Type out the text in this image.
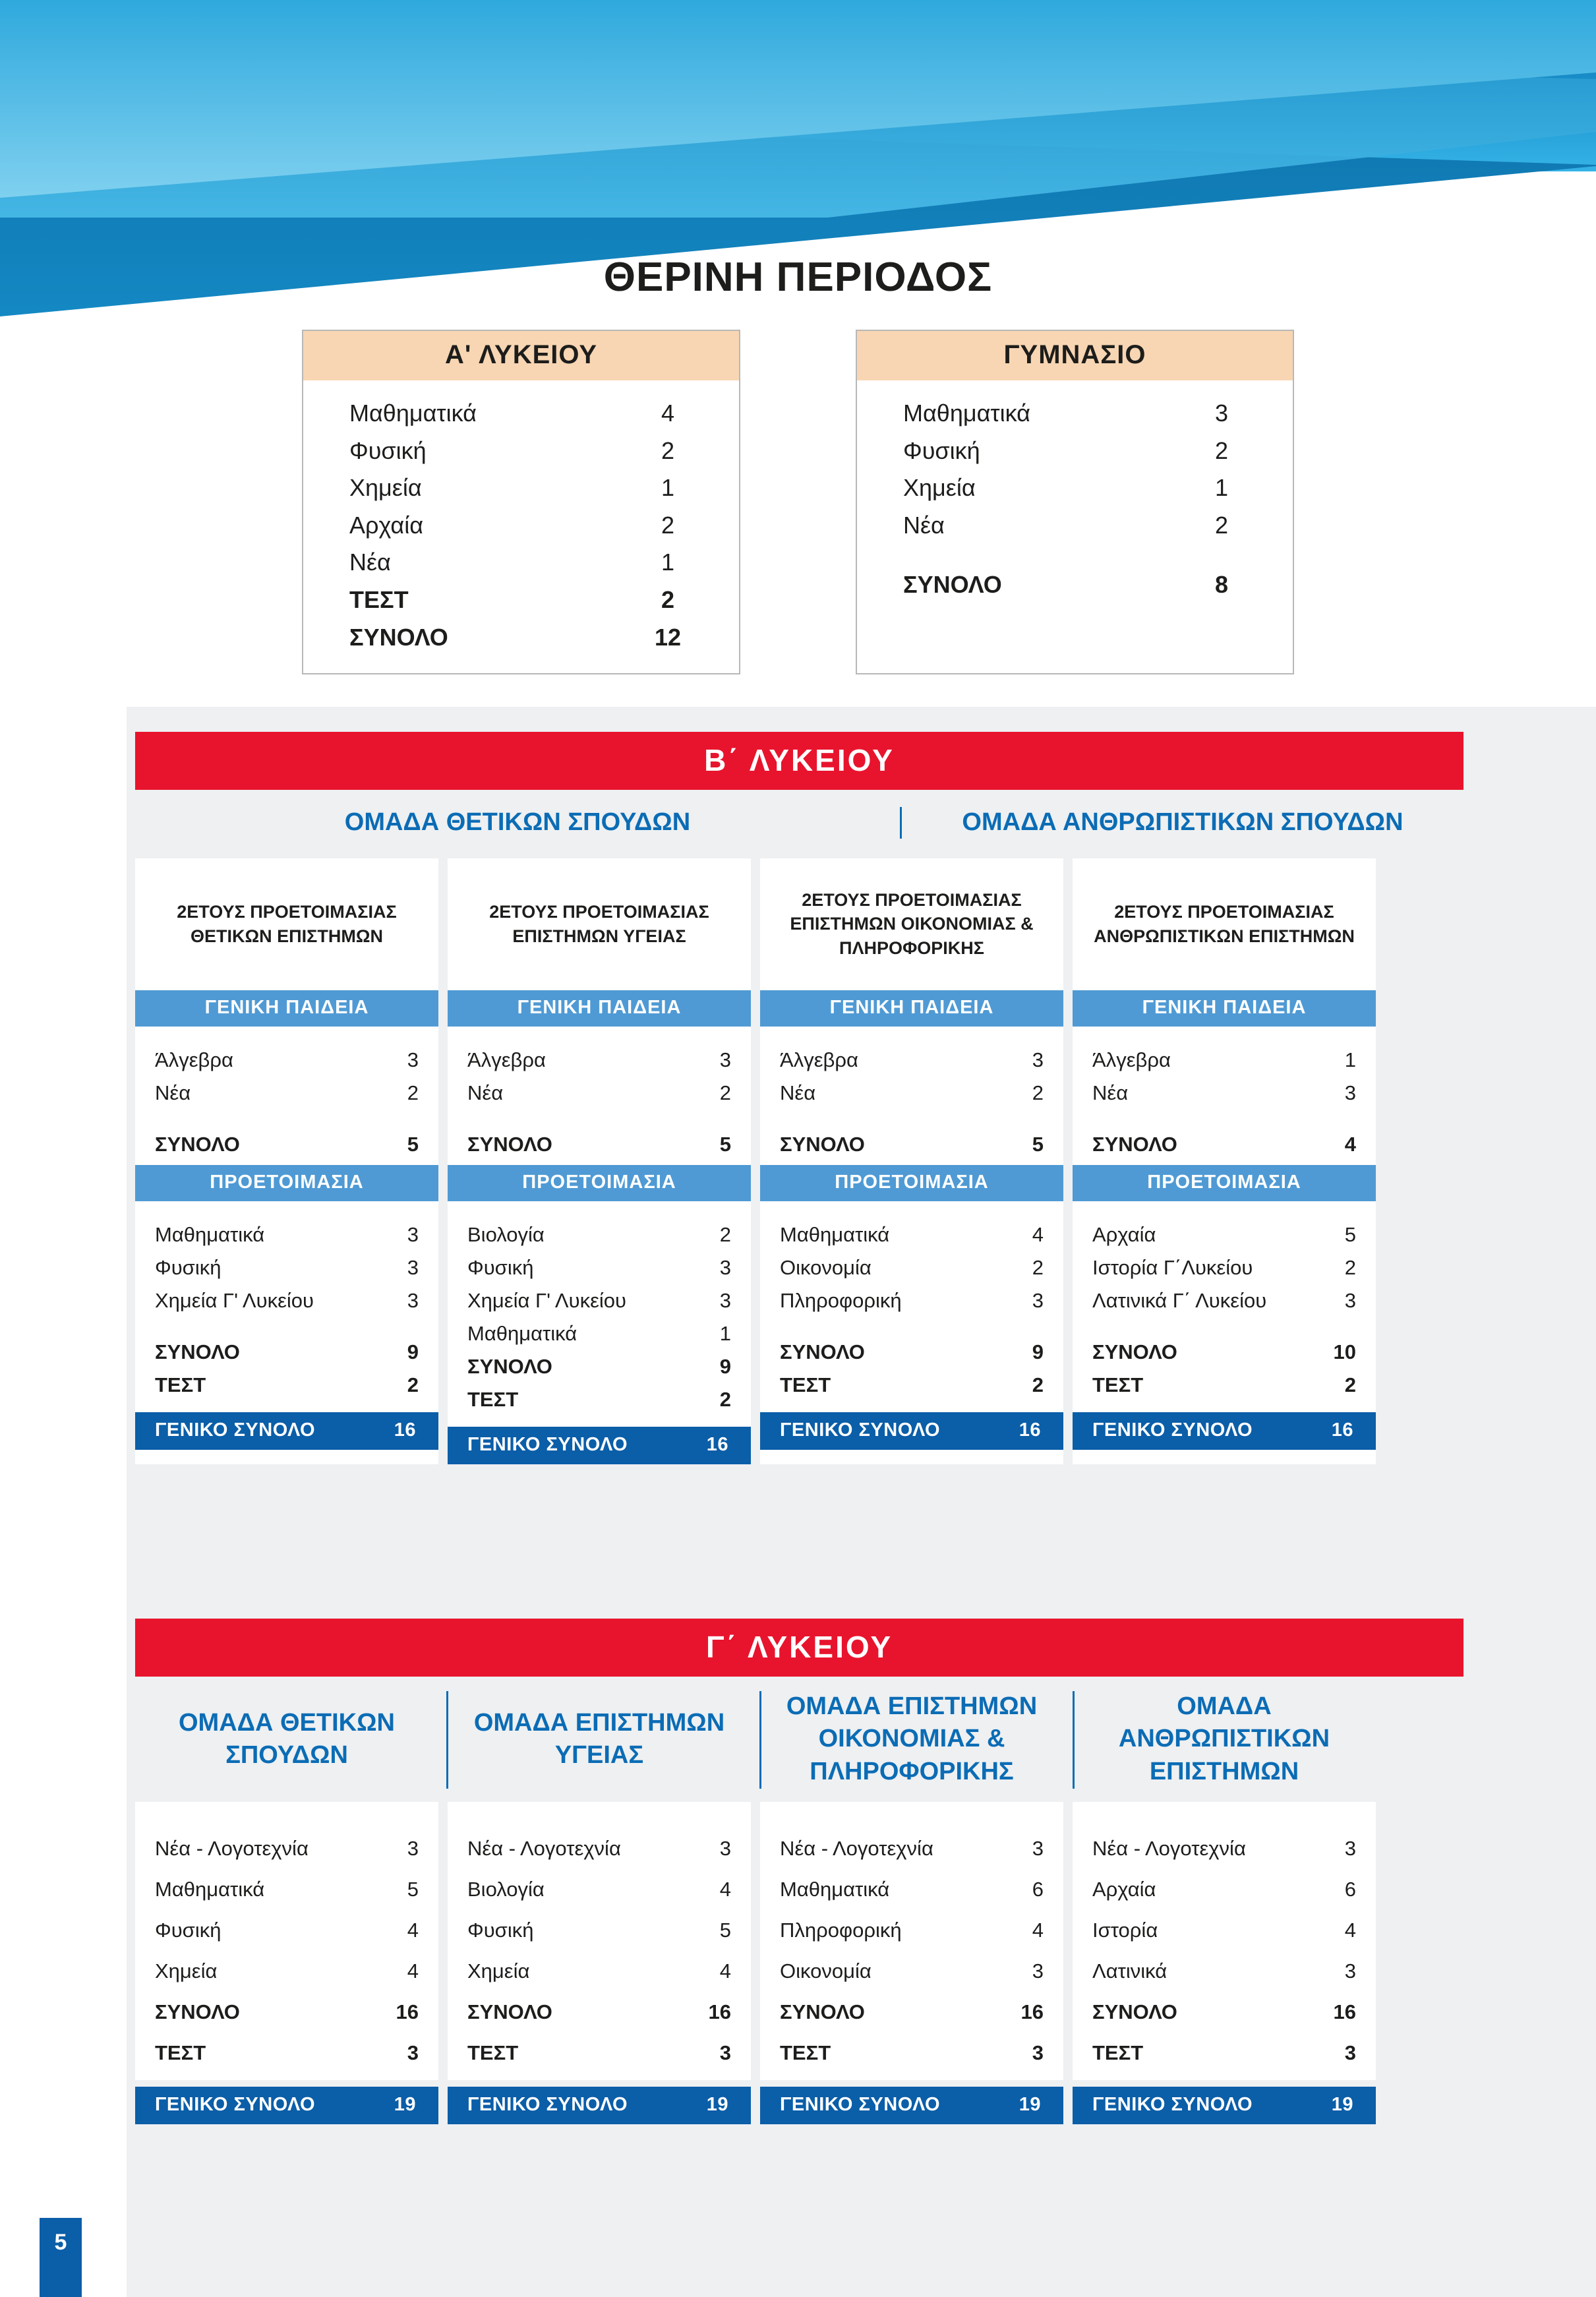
ΘΕΡΙΝΗ ΠΕΡΙΟΔΟΣ
Α' ΛΥΚΕΙΟΥ
Μαθηματικά	4
Φυσική	2
Χημεία	1
Αρχαία	2
Νέα	1
ΤΕΣΤ	2
ΣΥΝΟΛΟ	12
ΓΥΜΝΑΣΙΟ
Μαθηματικά	3
Φυσική	2
Χημεία	1
Νέα	2
ΣΥΝΟΛΟ	8
Β΄ ΛΥΚΕΙΟΥ
ΟΜΑΔΑ ΘΕΤΙΚΩΝ ΣΠΟΥΔΩΝ	ΟΜΑΔΑ ΑΝΘΡΩΠΙΣΤΙΚΩΝ ΣΠΟΥΔΩΝ
2ΕΤΟΥΣ ΠΡΟΕΤΟΙΜΑΣΙΑΣ ΘΕΤΙΚΩΝ ΕΠΙΣΤΗΜΩΝ
ΓΕΝΙΚΗ ΠΑΙΔΕΙΑ
Άλγεβρα	3
Νέα	2
ΣΥΝΟΛΟ	5
ΠΡΟΕΤΟΙΜΑΣΙΑ
Μαθηματικά	3
Φυσική	3
Χημεία Γ' Λυκείου	3
ΣΥΝΟΛΟ	9
ΤΕΣΤ	2
ΓΕΝΙΚΟ ΣΥΝΟΛΟ	16
2ΕΤΟΥΣ ΠΡΟΕΤΟΙΜΑΣΙΑΣ ΕΠΙΣΤΗΜΩΝ ΥΓΕΙΑΣ
ΓΕΝΙΚΗ ΠΑΙΔΕΙΑ
Άλγεβρα	3
Νέα	2
ΣΥΝΟΛΟ	5
ΠΡΟΕΤΟΙΜΑΣΙΑ
Βιολογία	2
Φυσική	3
Χημεία Γ' Λυκείου	3
Μαθηματικά	1
ΣΥΝΟΛΟ	9
ΤΕΣΤ	2
ΓΕΝΙΚΟ ΣΥΝΟΛΟ	16
2ΕΤΟΥΣ ΠΡΟΕΤΟΙΜΑΣΙΑΣ ΕΠΙΣΤΗΜΩΝ ΟΙΚΟΝΟΜΙΑΣ & ΠΛΗΡΟΦΟΡΙΚΗΣ
ΓΕΝΙΚΗ ΠΑΙΔΕΙΑ
Άλγεβρα	3
Νέα	2
ΣΥΝΟΛΟ	5
ΠΡΟΕΤΟΙΜΑΣΙΑ
Μαθηματικά	4
Οικονομία	2
Πληροφορική	3
ΣΥΝΟΛΟ	9
ΤΕΣΤ	2
ΓΕΝΙΚΟ ΣΥΝΟΛΟ	16
2ΕΤΟΥΣ ΠΡΟΕΤΟΙΜΑΣΙΑΣ ΑΝΘΡΩΠΙΣΤΙΚΩΝ ΕΠΙΣΤΗΜΩΝ
ΓΕΝΙΚΗ ΠΑΙΔΕΙΑ
Άλγεβρα	1
Νέα	3
ΣΥΝΟΛΟ	4
ΠΡΟΕΤΟΙΜΑΣΙΑ
Αρχαία	5
Ιστορία Γ΄Λυκείου	2
Λατινικά Γ΄ Λυκείου	3
ΣΥΝΟΛΟ	10
ΤΕΣΤ	2
ΓΕΝΙΚΟ ΣΥΝΟΛΟ	16
Γ΄ ΛΥΚΕΙΟΥ
ΟΜΑΔΑ ΘΕΤΙΚΩΝ ΣΠΟΥΔΩΝ
Νέα - Λογοτεχνία	3
Μαθηματικά	5
Φυσική	4
Χημεία	4
ΣΥΝΟΛΟ	16
ΤΕΣΤ	3
ΓΕΝΙΚΟ ΣΥΝΟΛΟ	19
ΟΜΑΔΑ ΕΠΙΣΤΗΜΩΝ ΥΓΕΙΑΣ
Νέα - Λογοτεχνία	3
Βιολογία	4
Φυσική	5
Χημεία	4
ΣΥΝΟΛΟ	16
ΤΕΣΤ	3
ΓΕΝΙΚΟ ΣΥΝΟΛΟ	19
ΟΜΑΔΑ ΕΠΙΣΤΗΜΩΝ ΟΙΚΟΝΟΜΙΑΣ & ΠΛΗΡΟΦΟΡΙΚΗΣ
Νέα - Λογοτεχνία	3
Μαθηματικά	6
Πληροφορική	4
Οικονομία	3
ΣΥΝΟΛΟ	16
ΤΕΣΤ	3
ΓΕΝΙΚΟ ΣΥΝΟΛΟ	19
ΟΜΑΔΑ ΑΝΘΡΩΠΙΣΤΙΚΩΝ ΕΠΙΣΤΗΜΩΝ
Νέα - Λογοτεχνία	3
Αρχαία	6
Ιστορία	4
Λατινικά	3
ΣΥΝΟΛΟ	16
ΤΕΣΤ	3
ΓΕΝΙΚΟ ΣΥΝΟΛΟ	19
5
